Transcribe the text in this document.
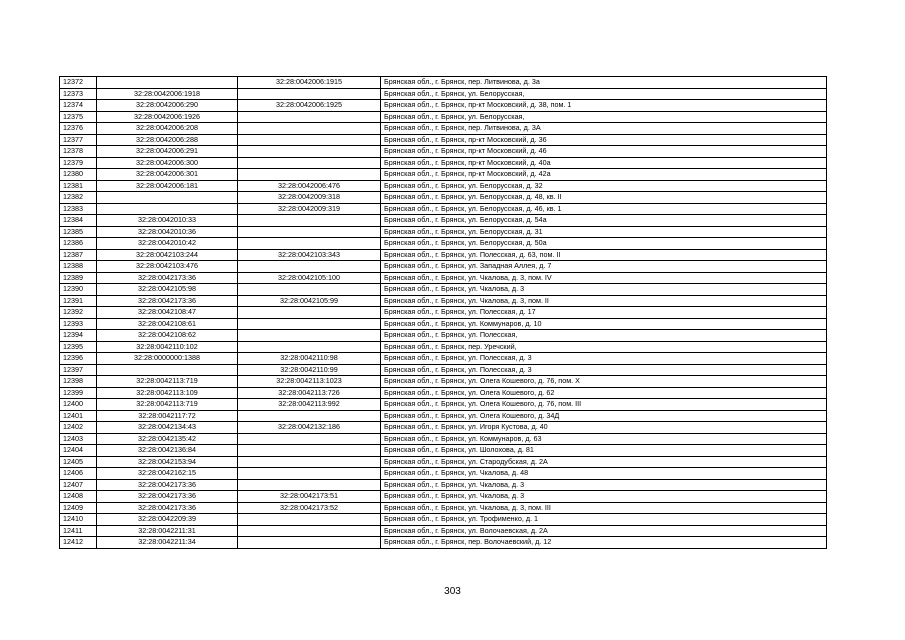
12372		32:28:0042006:1915	Брянская обл., г. Брянск, пер. Литвинова, д. 3а
12373	32:28:0042006:1918		Брянская обл., г. Брянск, ул. Белорусская,
12374	32:28:0042006:290	32:28:0042006:1925	Брянская обл., г. Брянск, пр-кт Московский, д. 38, пом. 1
12375	32:28:0042006:1926		Брянская обл., г. Брянск, ул. Белорусская,
12376	32:28:0042006:208		Брянская обл., г. Брянск, пер. Литвинова, д. 3А
12377	32:28:0042006:288		Брянская обл., г. Брянск, пр-кт Московский, д. 36
12378	32:28:0042006:291		Брянская обл., г. Брянск, пр-кт Московский, д. 46
12379	32:28:0042006:300		Брянская обл., г. Брянск, пр-кт Московский, д. 40а
12380	32:28:0042006:301		Брянская обл., г. Брянск, пр-кт Московский, д. 42а
12381	32:28:0042006:181	32:28:0042006:476	Брянская обл., г. Брянск, ул. Белорусская, д. 32
12382		32:28:0042009:318	Брянская обл., г. Брянск, ул. Белорусская, д. 48, кв. II
12383		32:28:0042009:319	Брянская обл., г. Брянск, ул. Белорусская, д. 46, кв. 1
12384	32:28:0042010:33		Брянская обл., г. Брянск, ул. Белорусская, д. 54а
12385	32:28:0042010:36		Брянская обл., г. Брянск, ул. Белорусская, д. 31
12386	32:28:0042010:42		Брянская обл., г. Брянск, ул. Белорусская, д. 50а
12387	32:28:0042103:244	32:28:0042103:343	Брянская обл., г. Брянск, ул. Полесская, д. 63, пом. II
12388	32:28:0042103:476		Брянская обл., г. Брянск, ул. Западная Аллея, д. 7
12389	32:28:0042173:36	32:28:0042105:100	Брянская обл., г. Брянск, ул. Чкалова, д. 3, пом. IV
12390	32:28:0042105:98		Брянская обл., г. Брянск, ул. Чкалова, д. 3
12391	32:28:0042173:36	32:28:0042105:99	Брянская обл., г. Брянск, ул. Чкалова, д. 3, пом. II
12392	32:28:0042108:47		Брянская обл., г. Брянск, ул. Полесская, д. 17
12393	32:28:0042108:61		Брянская обл., г. Брянск, ул. Коммунаров, д. 10
12394	32:28:0042108:62		Брянская обл., г. Брянск, ул. Полесская,
12395	32:28:0042110:102		Брянская обл., г. Брянск, пер. Уречский,
12396	32:28:0000000:1388	32:28:0042110:98	Брянская обл., г. Брянск, ул. Полесская, д. 3
12397		32:28:0042110:99	Брянская обл., г. Брянск, ул. Полесская, д. 3
12398	32:28:0042113:719	32:28:0042113:1023	Брянская обл., г. Брянск, ул. Олега Кошевого, д. 76, пом. X
12399	32:28:0042113:109	32:28:0042113:726	Брянская обл., г. Брянск, ул. Олега Кошевого, д. 62
12400	32:28:0042113:719	32:28:0042113:992	Брянская обл., г. Брянск, ул. Олега Кошевого, д. 76, пом. III
12401	32:28:0042117:72		Брянская обл., г. Брянск, ул. Олега Кошевого, д. 34Д
12402	32:28:0042134:43	32:28:0042132:186	Брянская обл., г. Брянск, ул. Игоря Кустова, д. 40
12403	32:28:0042135:42		Брянская обл., г. Брянск, ул. Коммунаров, д. 63
12404	32:28:0042136:84		Брянская обл., г. Брянск, ул. Шолохова, д. 81
12405	32:28:0042153:94		Брянская обл., г. Брянск, ул. Стародубская, д. 2А
12406	32:28:0042162:15		Брянская обл., г. Брянск, ул. Чкалова, д. 48
12407	32:28:0042173:36		Брянская обл., г. Брянск, ул. Чкалова, д. 3
12408	32:28:0042173:36	32:28:0042173:51	Брянская обл., г. Брянск, ул. Чкалова, д. 3
12409	32:28:0042173:36	32:28:0042173:52	Брянская обл., г. Брянск, ул. Чкалова, д. 3, пом. III
12410	32:28:0042209:39		Брянская обл., г. Брянск, ул. Трофименко, д. 1
12411	32:28:0042211:31		Брянская обл., г. Брянск, ул. Волочаевская, д. 2А
12412	32:28:0042211:34		Брянская обл., г. Брянск, пер. Волочаевский, д. 12
303
